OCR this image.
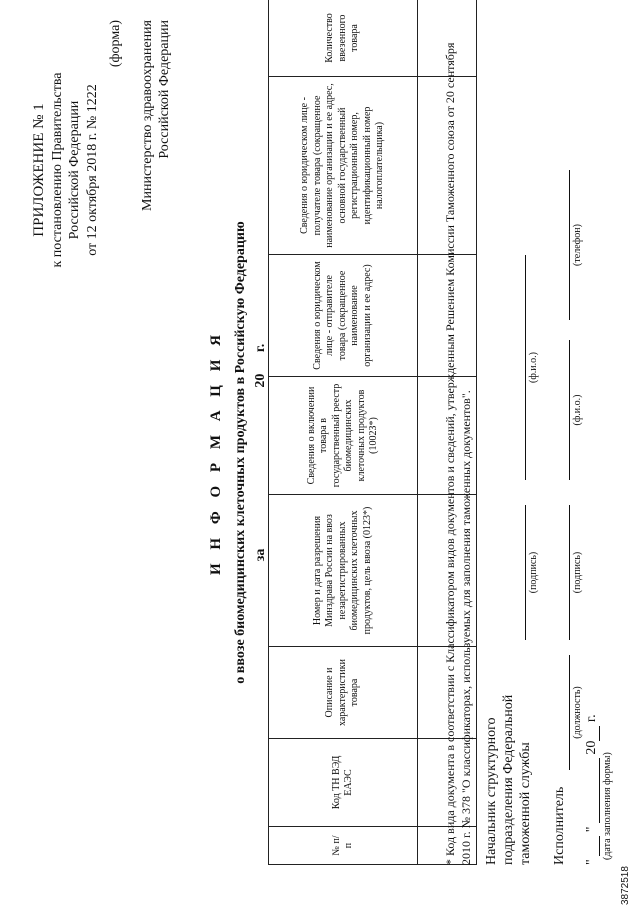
ПРИЛОЖЕНИЕ № 1 к постановлению Правительства Российской Федерации от 12 октября 2018 г. № 1222
(форма) Министерство здравоохранения Российской Федерации
И Н Ф О Р М А Ц И Я о ввозе биомедицинских клеточных продуктов в Российскую Федерацию за  20 г.
№ п/п	Код ТН ВЭД ЕАЭС	Описание и характеристики товара	Номер и дата разрешения Минздрава России на ввоз незарегистрированных биомедицинских клеточных продуктов, цель ввоза (0123*)	Сведения о включении товара в государственный реестр биомедицинских клеточных продуктов (1002З*)	Сведения о юридическом лице - отправителе товара (сокращенное наименование организации и ее адрес)	Сведения о юридическом лице - получателе товара (сокращенное наименование организации и ее адрес, основной государственный регистрационный номер, идентификационный номер налогоплательщика)	Количество ввезенного товара

* Код вида документа в соответствии с Классификатором видов документов и сведений, утвержденным Решением Комиссии Таможенного союза от 20 сентября 2010 г. № 378 "О классификаторах, используемых для заполнения таможенных документов". Начальник структурного подразделения Федеральной таможенной службы
(подпись)
(ф.и.о.)
Исполнитель
(должность)
(подпись)
(ф.и.о.)
(телефон)
"  "  20 г.
(дата заполнения формы)
3872518
